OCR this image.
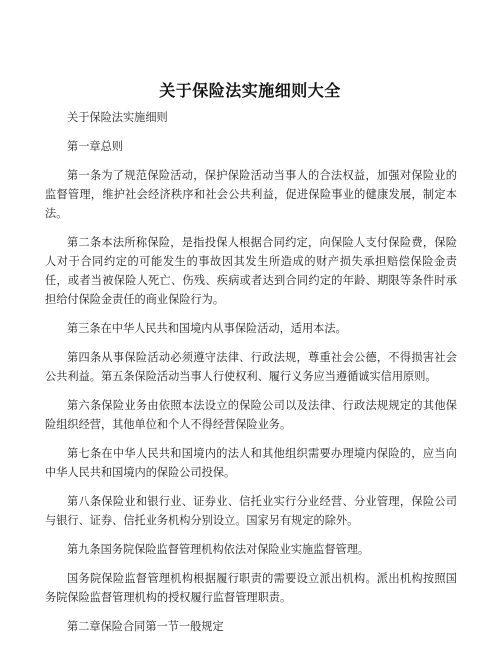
关于保险法实施细则大全

关于保险法实施细则

第一章总则

第一条为了规范保险活动，保护保险活动当事人的合法权益，加强对保险业的监督管理，维护社会经济秩序和社会公共利益，促进保险事业的健康发展，制定本法。

第二条本法所称保险，是指投保人根据合同约定，向保险人支付保险费，保险人对于合同约定的可能发生的事故因其发生所造成的财产损失承担赔偿保险金责任，或者当被保险人死亡、伤残、疾病或者达到合同约定的年龄、期限等条件时承担给付保险金责任的商业保险行为。

第三条在中华人民共和国境内从事保险活动，适用本法。

第四条从事保险活动必须遵守法律、行政法规，尊重社会公德，不得损害社会公共利益。第五条保险活动当事人行使权利、履行义务应当遵循诚实信用原则。

第六条保险业务由依照本法设立的保险公司以及法律、行政法规规定的其他保险组织经营，其他单位和个人不得经营保险业务。

第七条在中华人民共和国境内的法人和其他组织需要办理境内保险的，应当向中华人民共和国境内的保险公司投保。

第八条保险业和银行业、证券业、信托业实行分业经营、分业管理，保险公司与银行、证券、信托业务机构分别设立。国家另有规定的除外。

第九条国务院保险监督管理机构依法对保险业实施监督管理。

国务院保险监督管理机构根据履行职责的需要设立派出机构。派出机构按照国务院保险监督管理机构的授权履行监督管理职责。

第二章保险合同第一节一般规定
